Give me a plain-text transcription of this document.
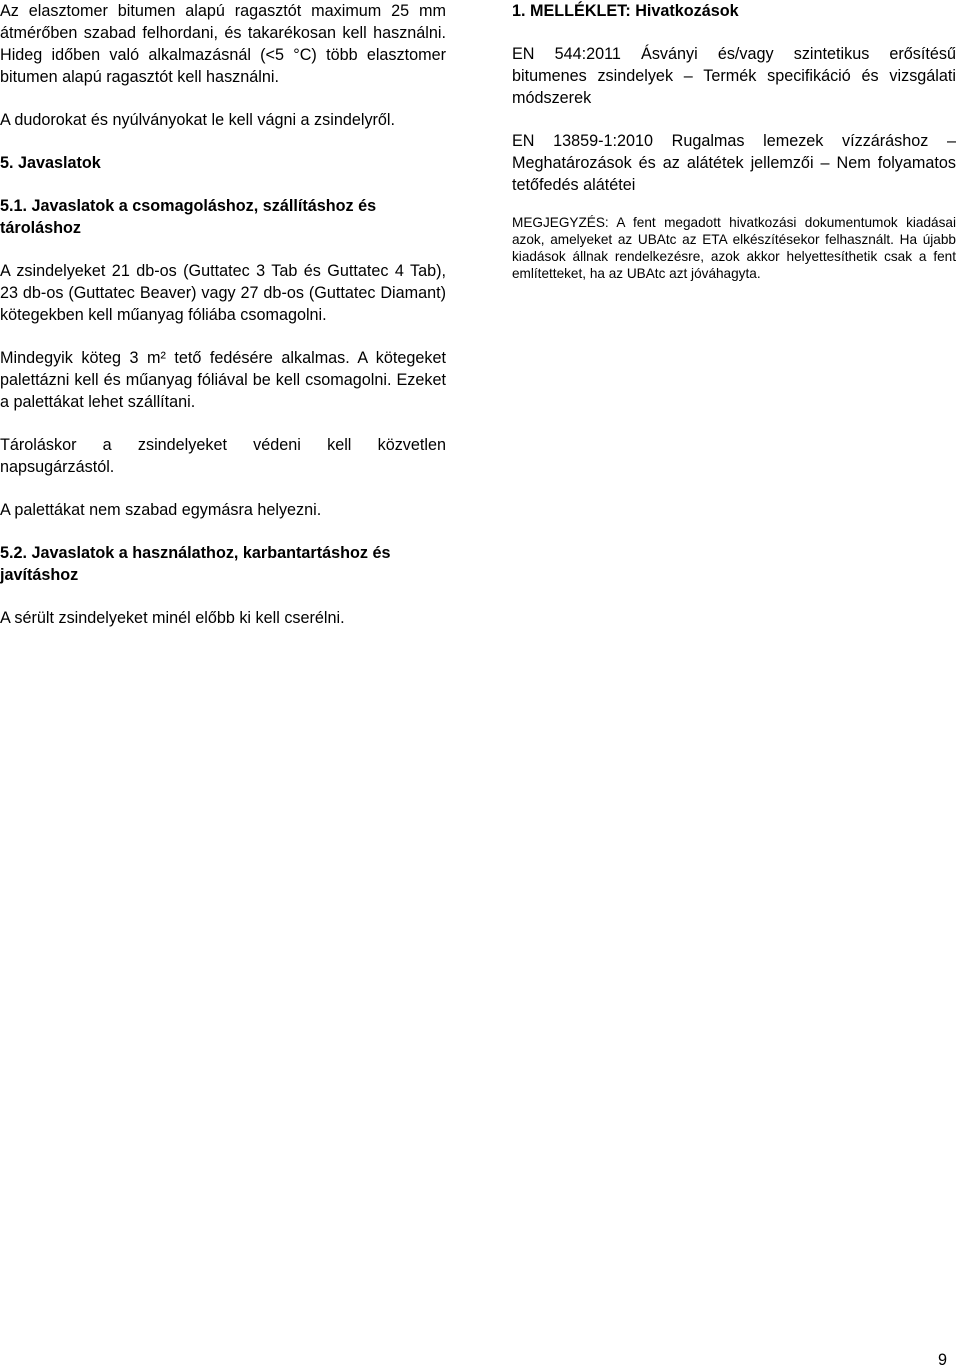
Az elasztomer bitumen alapú ragasztót maximum 25 mm átmérőben szabad felhordani, és takarékosan kell használni. Hideg időben való alkalmazásnál (<5 °C) több elasztomer bitumen alapú ragasztót kell használni.

A dudorokat és nyúlványokat le kell vágni a zsindelyről.

5. Javaslatok
5.1. Javaslatok a csomagoláshoz, szállításhoz és tároláshoz

A zsindelyeket 21 db-os (Guttatec 3 Tab és Guttatec 4 Tab), 23 db-os (Guttatec Beaver) vagy 27 db-os (Guttatec Diamant) kötegekben kell műanyag fóliába csomagolni.

Mindegyik köteg 3 m² tető fedésére alkalmas. A kötegeket palettázni kell és műanyag fóliával be kell csomagolni. Ezeket a palettákat lehet szállítani.

Tároláskor a zsindelyeket védeni kell közvetlen napsugárzástól.

A palettákat nem szabad egymásra helyezni.

5.2. Javaslatok a használathoz, karbantartáshoz és javításhoz

A sérült zsindelyeket minél előbb ki kell cserélni.

1. MELLÉKLET: Hivatkozások

EN 544:2011 Ásványi és/vagy szintetikus erősítésű bitumenes zsindelyek – Termék specifikáció és vizsgálati módszerek

EN 13859-1:2010 Rugalmas lemezek vízzáráshoz – Meghatározások és az alátétek jellemzői – Nem folyamatos tetőfedés alátétei

MEGJEGYZÉS: A fent megadott hivatkozási dokumentumok kiadásai azok, amelyeket az UBAtc az ETA elkészítésekor felhasznált. Ha újabb kiadások állnak rendelkezésre, azok akkor helyettesíthetik csak a fent említetteket, ha az UBAtc azt jóváhagyta.

9
